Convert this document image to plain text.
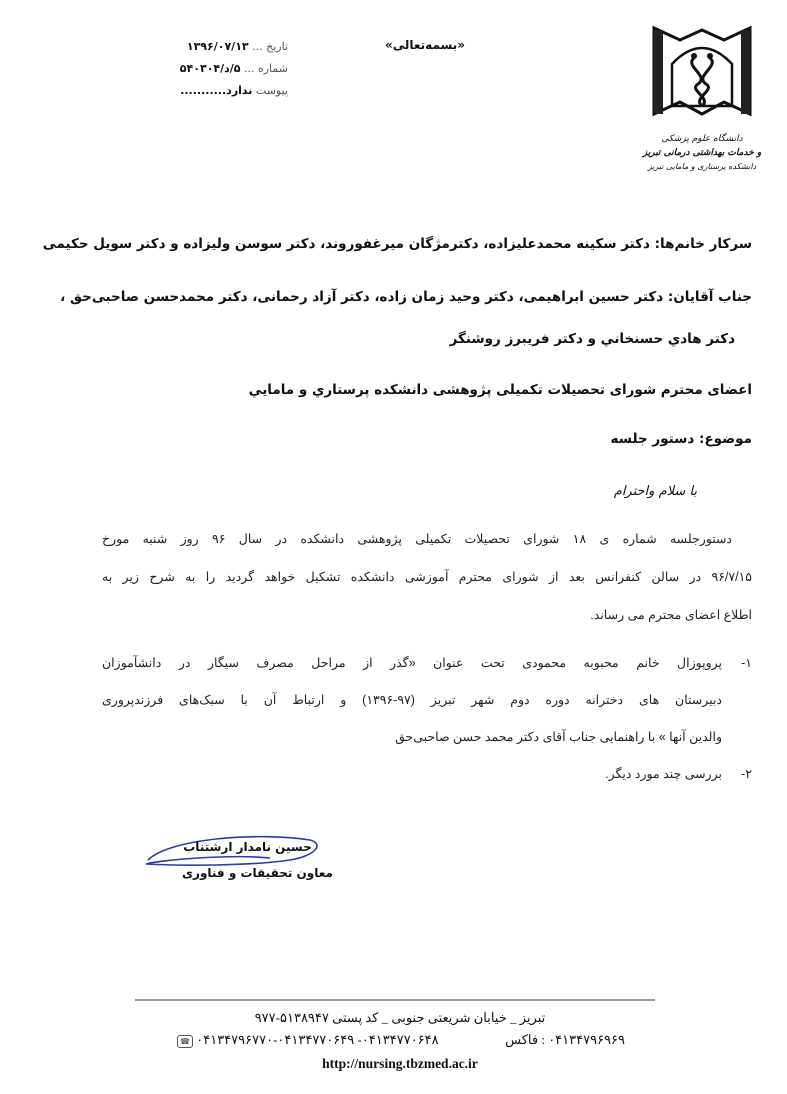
تاریخ ... ۱۳۹۶/۰۷/۱۳
شماره ... ۵/د/۵۴۰۳۰۴
پیوست ندارد...........
«بسمه‌تعالی»
دانشگاه علوم پزشکی
و خدمات بهداشتی درمانی تبریز
دانشکده پرستاری و مامایی تبریز
سرکار خانم‌ها: دکتر سکینه محمدعلیزاده، دکترمژگان میرغفوروند، دکتر سوسن ولیزاده و دکتر سویل حکیمی
جناب آقایان: دکتر حسین ابراهیمی، دکتر وحید زمان زاده، دکتر آزاد رحمانی، دکتر محمدحسن صاحبی‌حق ،
دکتر هادي حسنخاني و دكتر فريبرز روشنگر
اعضای محترم شورای تحصیلات تکمیلی پژوهشی دانشکده پرستاري و مامايي
موضوع: دستور جلسه
با سلام واحترام
دستورجلسه شماره ی ۱۸ شورای تحصیلات تکمیلی پژوهشی دانشکده در سال ۹۶ روز شنبه مورخ
۹۶/۷/۱۵ در سالن کنفرانس بعد از شورای محترم آموزشی دانشکده تشکیل خواهد گردید را به شرح زیر به
اطلاع اعضای محترم می رساند.
۱-پروپوزال خانم محبوبه محمودی تحت عنوان «گذر از مراحل مصرف سیگار در دانشآموزان
دبیرستان های دخترانه دوره دوم شهر تبریز (۹۷-۱۳۹۶) و ارتباط آن با سبک‌های فرزندپروری
والدین آنها » با راهنمایی جناب آقای دکتر محمد حسن صاحبی‌حق
۲-بررسی چند مورد دیگر.
حسین نامدار ارشتناب
معاون تحقیقات و فناوری
تبریز _ خیابان شریعتی جنوبی _ کد پستی ۵۱۳۸۹۴۷-۹۷۷
۰۴۱۳۴۷۹۶۹۶۹ : فاکس  ۰۴۱۳۴۷۷۰۶۴۸- ۰۴۱۳۴۷۷۰۶۴۹-۰۴۱۳۴۷۹۶۷۷۰ ☎
http://nursing.tbzmed.ac.ir
